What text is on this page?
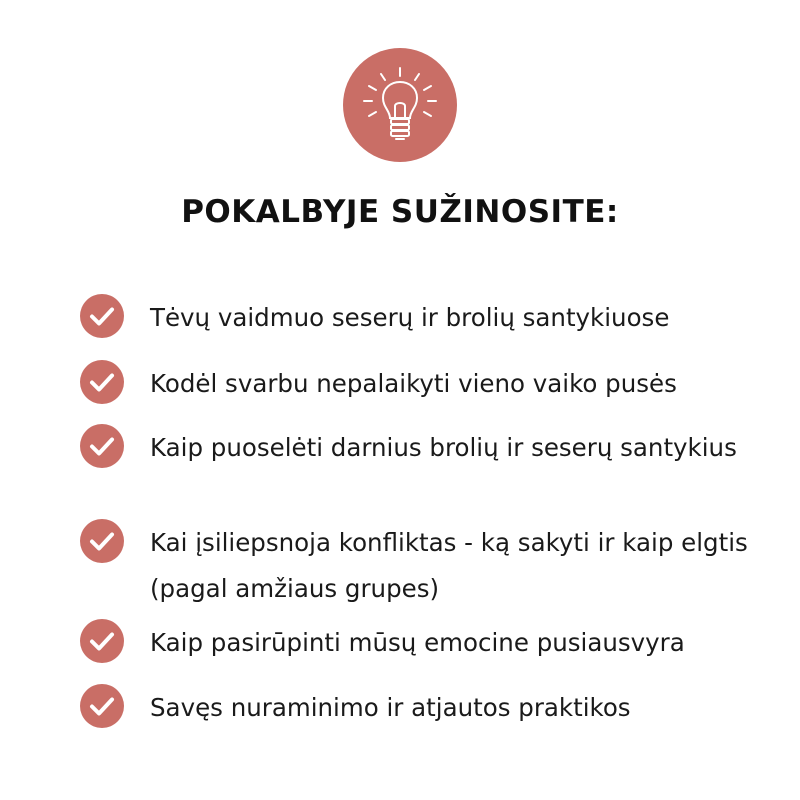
POKALBYJE SUŽINOSITE:
Tėvų vaidmuo seserų ir brolių santykiuose
Kodėl svarbu nepalaikyti vieno vaiko pusės
Kaip puoselėti darnius brolių ir seserų santykius
Kai įsiliepsnoja konfliktas - ką sakyti ir kaip elgtis (pagal amžiaus grupes)
Kaip pasirūpinti mūsų emocine pusiausvyra
Savęs nuraminimo ir atjautos praktikos
